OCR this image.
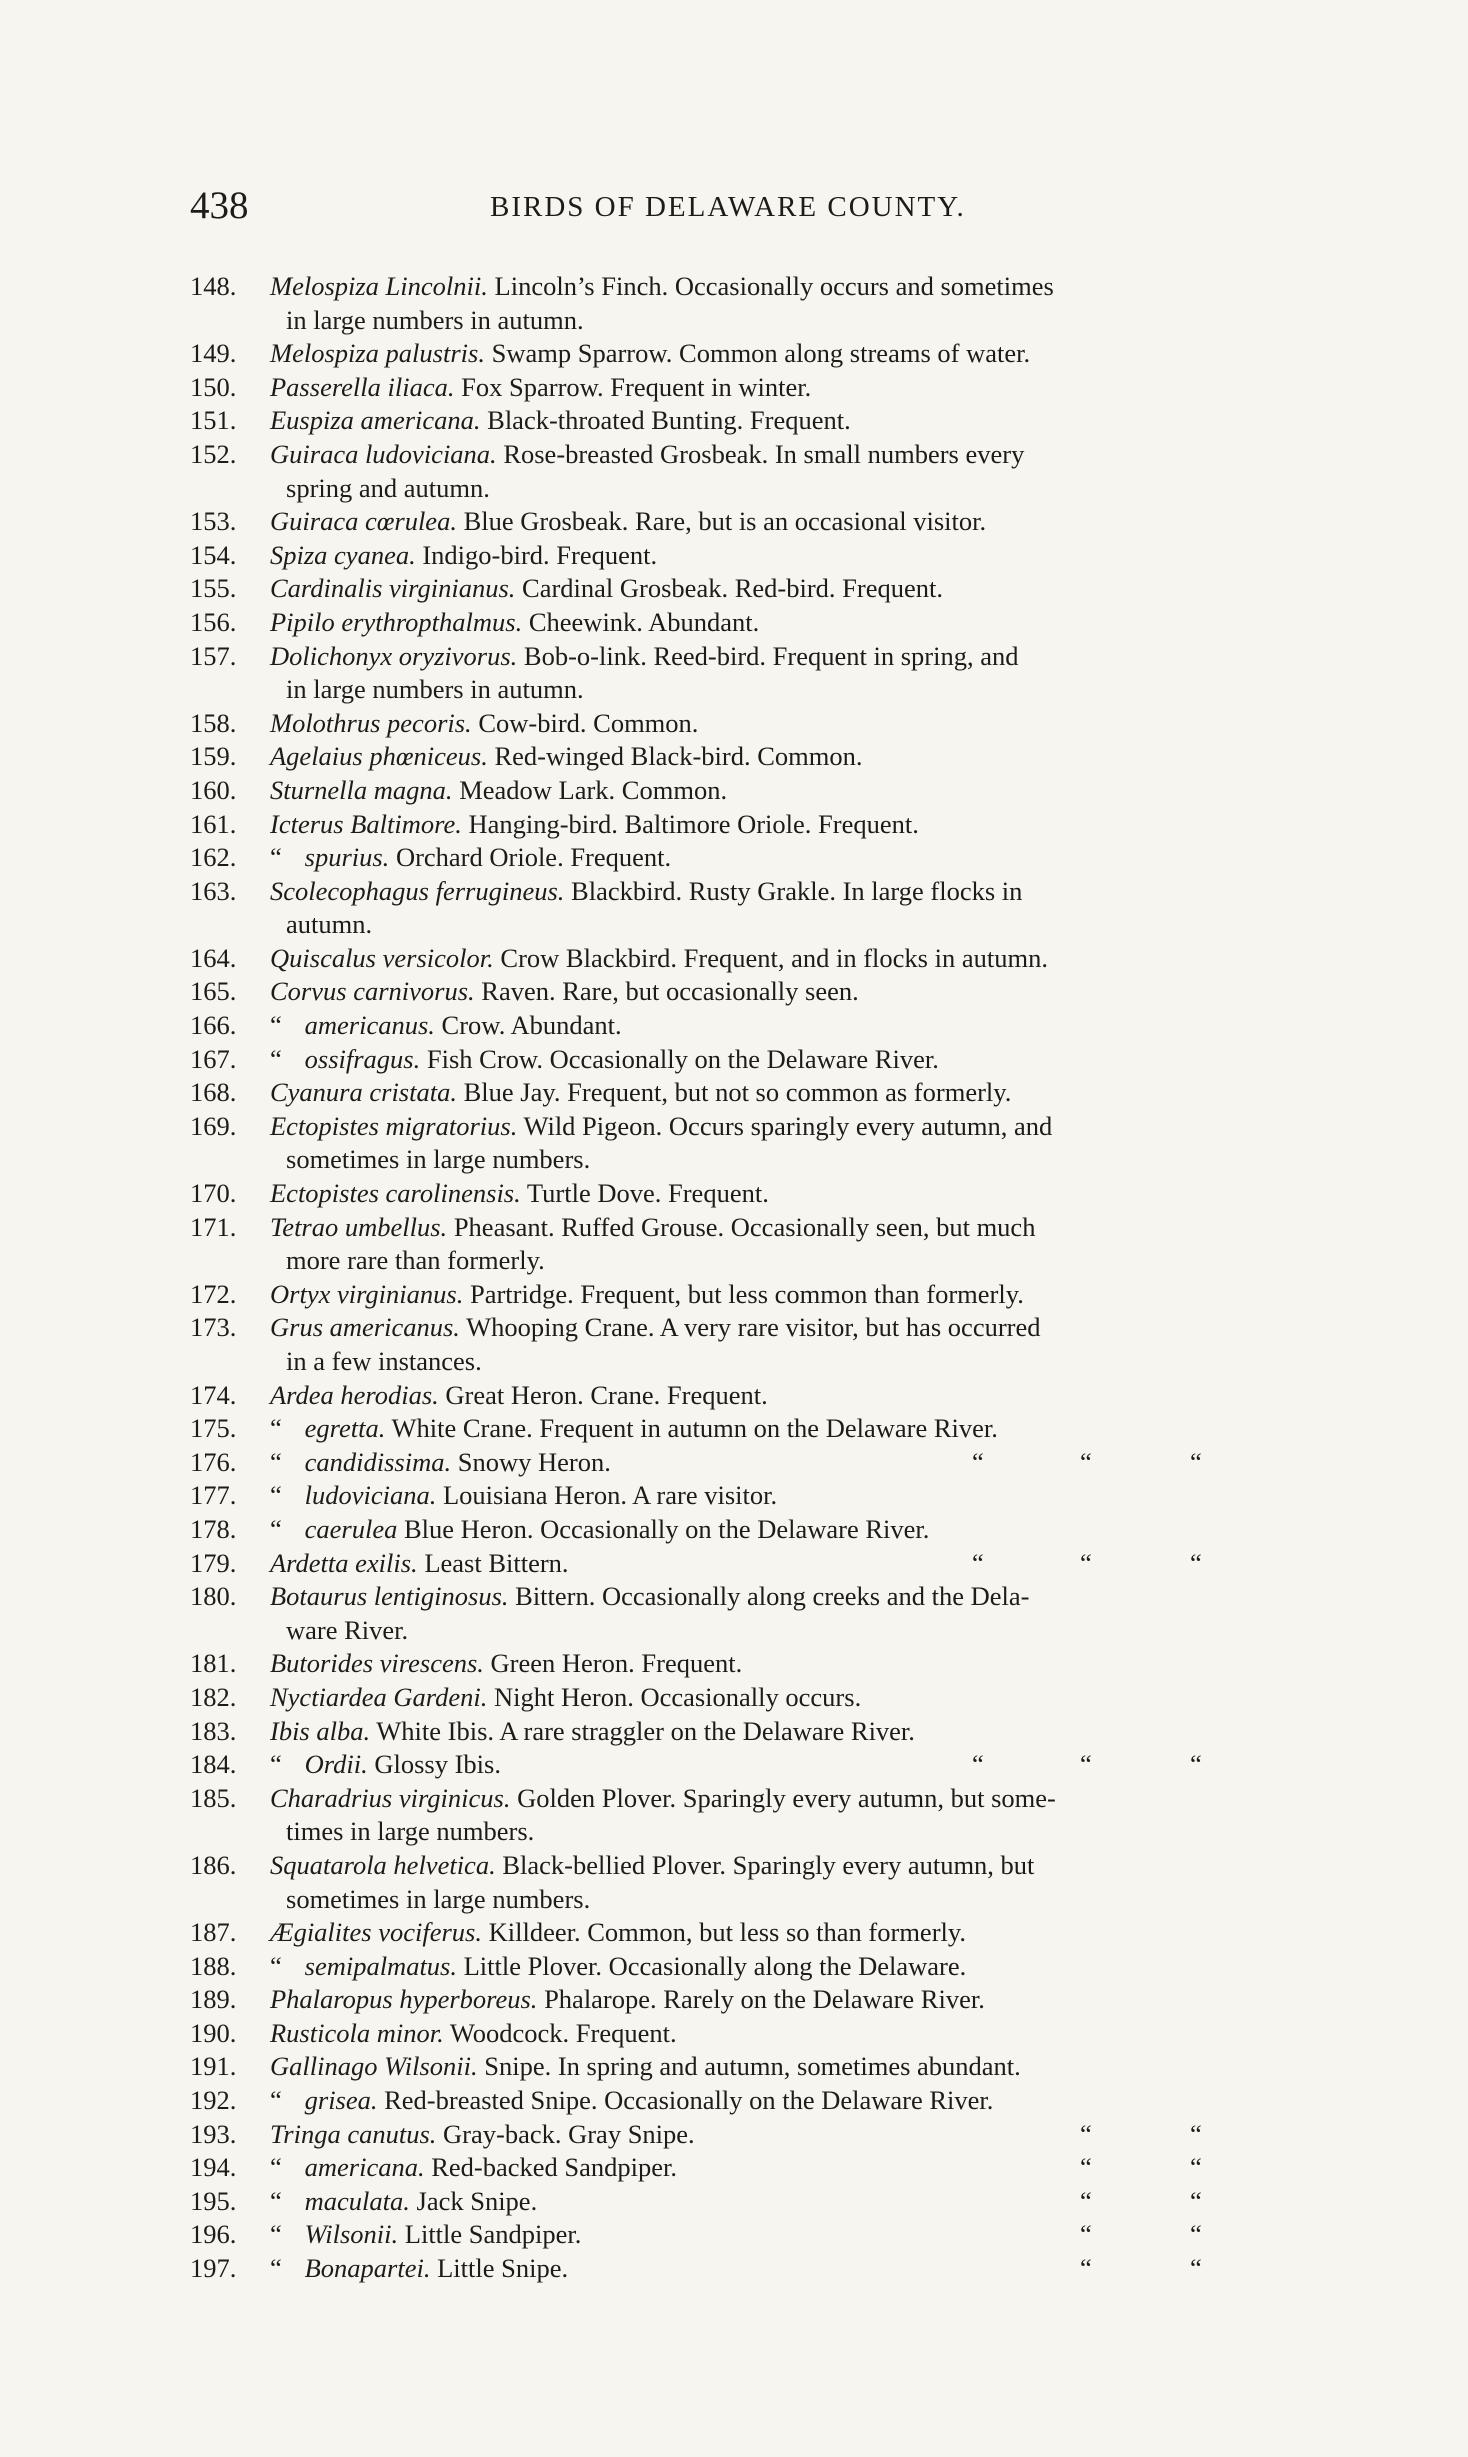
438	BIRDS OF DELAWARE COUNTY.
148. Melospiza Lincolnii. Lincoln’s Finch. Occasionally occurs and sometimes
in large numbers in autumn.
149. Melospiza palustris. Swamp Sparrow. Common along streams of water.
150. Passerella iliaca. Fox Sparrow. Frequent in winter.
151. Euspiza americana. Black-throated Bunting. Frequent.
152. Guiraca ludoviciana. Rose-breasted Grosbeak. In small numbers every
spring and autumn.
153. Guiraca cœrulea. Blue Grosbeak. Rare, but is an occasional visitor.
154. Spiza cyanea. Indigo-bird. Frequent.
155. Cardinalis virginianus. Cardinal Grosbeak. Red-bird. Frequent.
156. Pipilo erythropthalmus. Cheewink. Abundant.
157. Dolichonyx oryzivorus. Bob-o-link. Reed-bird. Frequent in spring, and
in large numbers in autumn.
158. Molothrus pecoris. Cow-bird. Common.
159. Agelaius phœniceus. Red-winged Black-bird. Common.
160. Sturnella magna. Meadow Lark. Common.
161. Icterus Baltimore. Hanging-bird. Baltimore Oriole. Frequent.
162. “ spurius. Orchard Oriole. Frequent.
163. Scolecophagus ferrugineus. Blackbird. Rusty Grakle. In large flocks in
autumn.
164. Quiscalus versicolor. Crow Blackbird. Frequent, and in flocks in autumn.
165. Corvus carnivorus. Raven. Rare, but occasionally seen.
166. “ americanus. Crow. Abundant.
167. “ ossifragus. Fish Crow. Occasionally on the Delaware River.
168. Cyanura cristata. Blue Jay. Frequent, but not so common as formerly.
169. Ectopistes migratorius. Wild Pigeon. Occurs sparingly every autumn, and
sometimes in large numbers.
170. Ectopistes carolinensis. Turtle Dove. Frequent.
171. Tetrao umbellus. Pheasant. Ruffed Grouse. Occasionally seen, but much
more rare than formerly.
172. Ortyx virginianus. Partridge. Frequent, but less common than formerly.
173. Grus americanus. Whooping Crane. A very rare visitor, but has occurred
in a few instances.
174. Ardea herodias. Great Heron. Crane. Frequent.
175. “ egretta. White Crane. Frequent in autumn on the Delaware River.
176. “ candidissima. Snowy Heron.	“	“	“
177. “ ludoviciana. Louisiana Heron. A rare visitor.
178. “ caerulea Blue Heron. Occasionally on the Delaware River.
179. Ardetta exilis. Least Bittern.	“	“	“
180. Botaurus lentiginosus. Bittern. Occasionally along creeks and the Dela-
ware River.
181. Butorides virescens. Green Heron. Frequent.
182. Nyctiardea Gardeni. Night Heron. Occasionally occurs.
183. Ibis alba. White Ibis. A rare straggler on the Delaware River.
184. “ Ordii. Glossy Ibis.	“	“	“
185. Charadrius virginicus. Golden Plover. Sparingly every autumn, but some-
times in large numbers.
186. Squatarola helvetica. Black-bellied Plover. Sparingly every autumn, but
sometimes in large numbers.
187. Ægialites vociferus. Killdeer. Common, but less so than formerly.
188. “ semipalmatus. Little Plover. Occasionally along the Delaware.
189. Phalaropus hyperboreus. Phalarope. Rarely on the Delaware River.
190. Rusticola minor. Woodcock. Frequent.
191. Gallinago Wilsonii. Snipe. In spring and autumn, sometimes abundant.
192. “ grisea. Red-breasted Snipe. Occasionally on the Delaware River.
193. Tringa canutus. Gray-back. Gray Snipe.	“	“
194. “ americana. Red-backed Sandpiper.	“	“
195. “ maculata. Jack Snipe.	“	“
196. “ Wilsonii. Little Sandpiper.	“	“
197. “ Bonapartei. Little Snipe.	“	“
